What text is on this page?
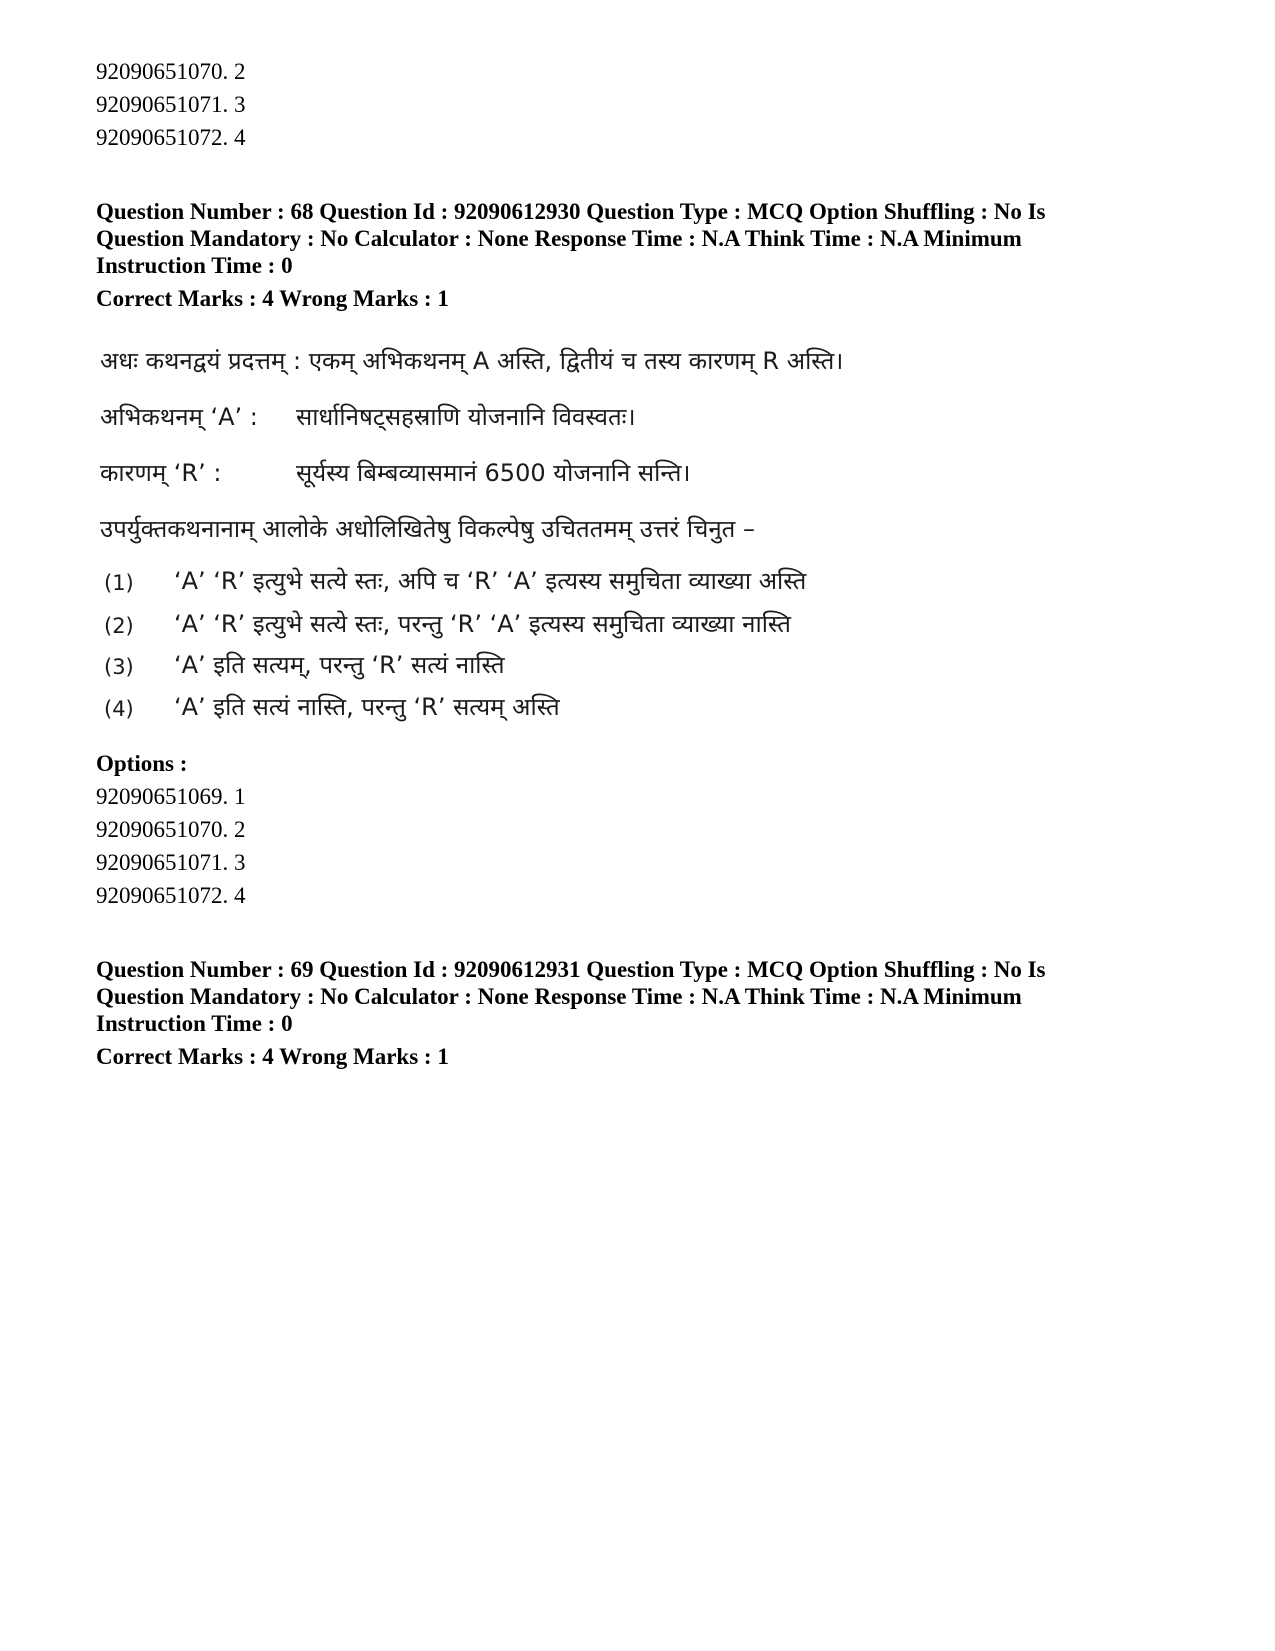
92090651070. 2
92090651071. 3
92090651072. 4
Question Number : 68 Question Id : 92090612930 Question Type : MCQ Option Shuffling : No Is
Question Mandatory : No Calculator : None Response Time : N.A Think Time : N.A Minimum
Instruction Time : 0
Correct Marks : 4 Wrong Marks : 1
अधः कथनद्वयं प्रदत्तम् : एकम् अभिकथनम् A अस्ति, द्वितीयं च तस्य कारणम् R अस्ति।
अभिकथनम् ‘A’ : सार्धानिषट्सहस्राणि योजनानि विवस्वतः।
कारणम् ‘R’ :	सूर्यस्य बिम्बव्यासमानं 6500 योजनानि सन्ति।
उपर्युक्तकथनानाम् आलोके अधोलिखितेषु विकल्पेषु उचिततमम् उत्तरं चिनुत –
(1) ‘A’ ‘R’ इत्युभे सत्ये स्तः, अपि च ‘R’ ‘A’ इत्यस्य समुचिता व्याख्या अस्ति
(2) ‘A’ ‘R’ इत्युभे सत्ये स्तः, परन्तु ‘R’ ‘A’ इत्यस्य समुचिता व्याख्या नास्ति
(3) ‘A’ इति सत्यम्, परन्तु ‘R’ सत्यं नास्ति
(4) ‘A’ इति सत्यं नास्ति, परन्तु ‘R’ सत्यम् अस्ति
Options :
92090651069. 1
92090651070. 2
92090651071. 3
92090651072. 4
Question Number : 69 Question Id : 92090612931 Question Type : MCQ Option Shuffling : No Is
Question Mandatory : No Calculator : None Response Time : N.A Think Time : N.A Minimum
Instruction Time : 0
Correct Marks : 4 Wrong Marks : 1
